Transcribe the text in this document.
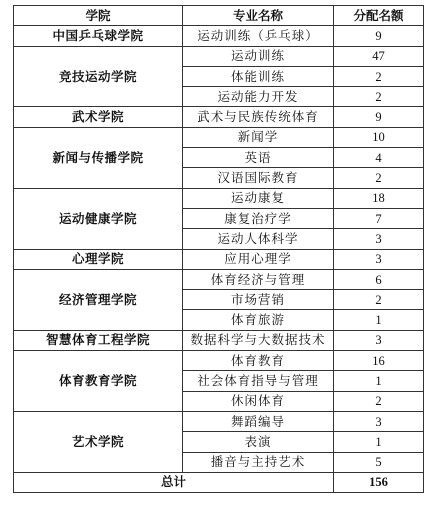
学院	专业名称	分配名额
中国乒乓球学院	运动训练（乒乓球）	9
竞技运动学院	运动训练	47
	体能训练	2
	运动能力开发	2
武术学院	武术与民族传统体育	9
新闻与传播学院	新闻学	10
	英语	4
	汉语国际教育	2
运动健康学院	运动康复	18
	康复治疗学	7
	运动人体科学	3
心理学院	应用心理学	3
经济管理学院	体育经济与管理	6
	市场营销	2
	体育旅游	1
智慧体育工程学院	数据科学与大数据技术	3
体育教育学院	体育教育	16
	社会体育指导与管理	1
	休闲体育	2
艺术学院	舞蹈编导	3
	表演	1
	播音与主持艺术	5
总计		156
